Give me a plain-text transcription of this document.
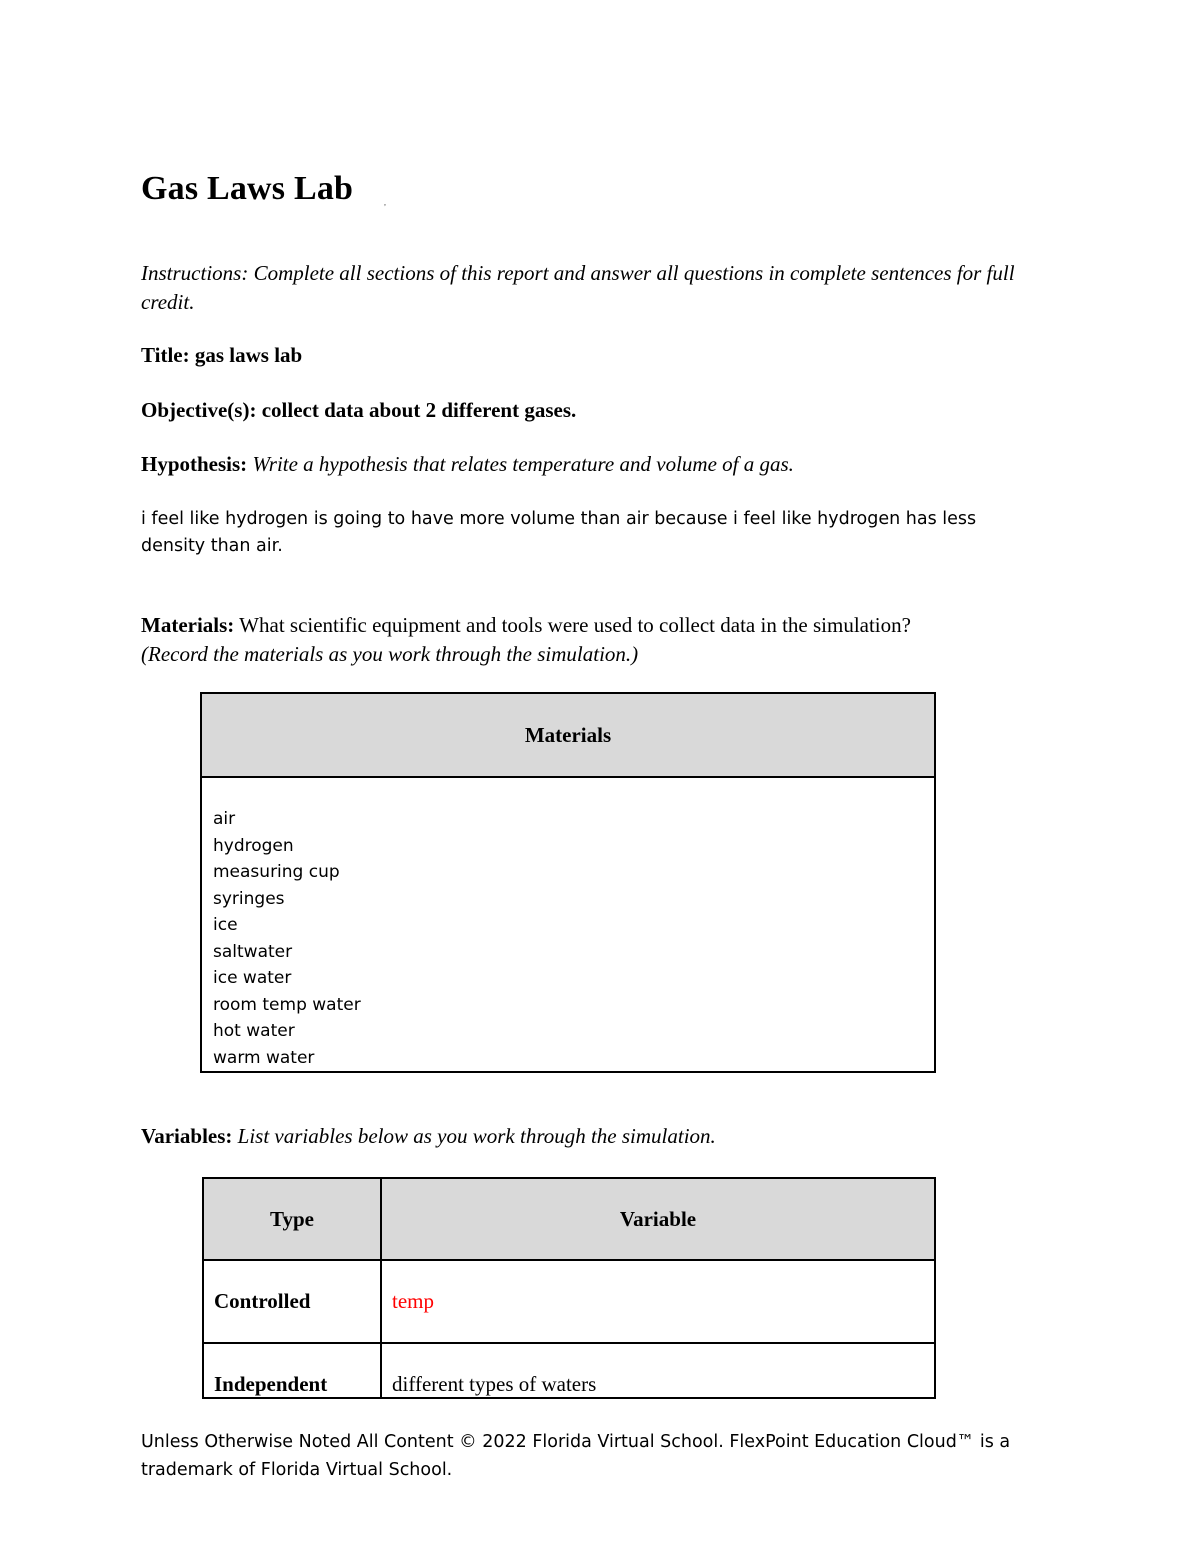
Gas Laws Lab	,
Instructions: Complete all sections of this report and answer all questions in complete sentences for full credit.
Title: gas laws lab
Objective(s): collect data about 2 different gases.
Hypothesis: Write a hypothesis that relates temperature and volume of a gas.
i feel like hydrogen is going to have more volume than air because i feel like hydrogen has less density than air.
Materials: What scientific equipment and tools were used to collect data in the simulation?
(Record the materials as you work through the simulation.)
Materials

air
hydrogen
measuring cup
syringes
ice
saltwater
ice water
room temp water
hot water
warm water
Variables: List variables below as you work through the simulation.
Type	Variable
Controlled	temp
Independent	different types of waters
Unless Otherwise Noted All Content © 2022 Florida Virtual School. FlexPoint Education Cloud™ is a trademark of Florida Virtual School.
